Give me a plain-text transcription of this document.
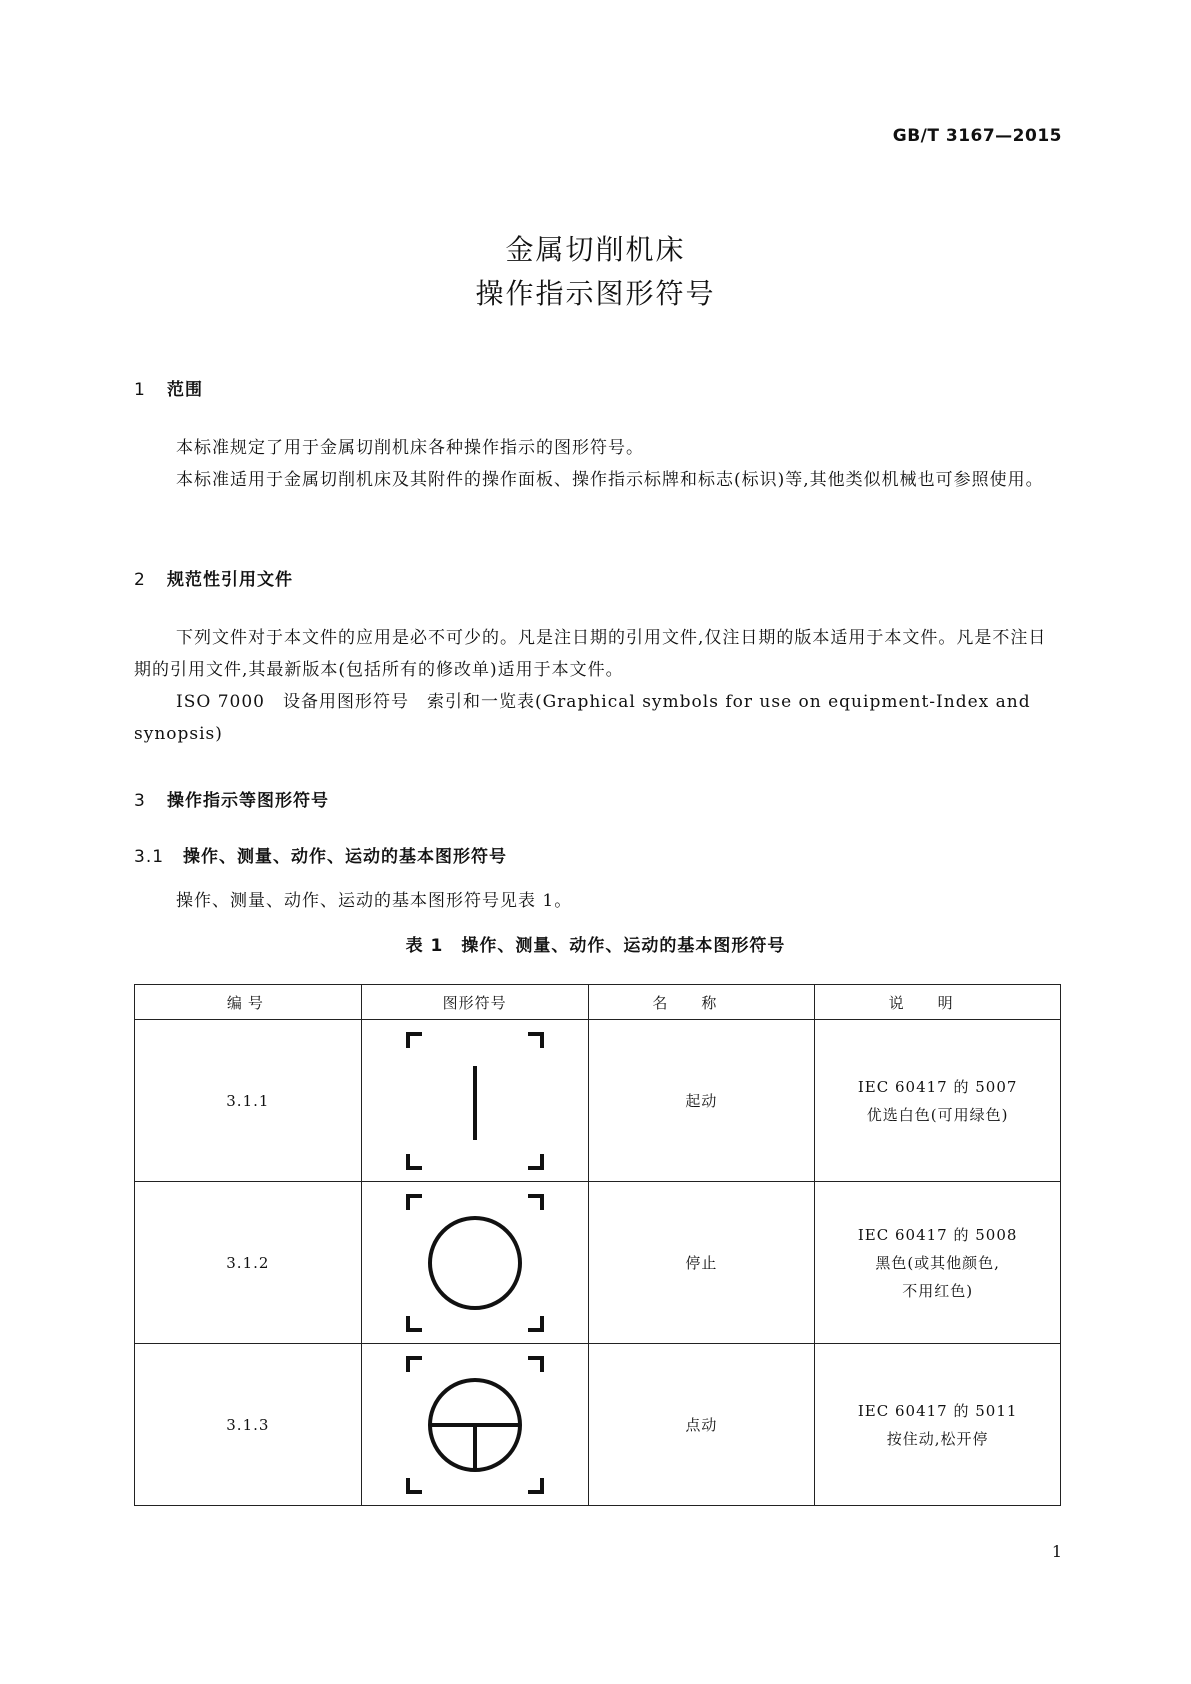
GB/T 3167—2015
金属切削机床
操作指示图形符号
1 范围
本标准规定了用于金属切削机床各种操作指示的图形符号。
本标准适用于金属切削机床及其附件的操作面板、操作指示标牌和标志(标识)等,其他类似机械也可参照使用。
2 规范性引用文件
下列文件对于本文件的应用是必不可少的。凡是注日期的引用文件,仅注日期的版本适用于本文件。凡是不注日期的引用文件,其最新版本(包括所有的修改单)适用于本文件。
ISO 7000　设备用图形符号　索引和一览表(Graphical symbols for use on equipment-Index and synopsis)
3 操作指示等图形符号
3.1 操作、测量、动作、运动的基本图形符号
操作、测量、动作、运动的基本图形符号见表 1。
表 1　操作、测量、动作、运动的基本图形符号
编号	图形符号	名称	说明
3.1.1		起动	IEC 60417 的 5007
优选白色(可用绿色)

3.1.2		停止	IEC 60417 的 5008
黑色(或其他颜色,
不用红色)

3.1.3		点动	IEC 60417 的 5011
按住动,松开停
1
